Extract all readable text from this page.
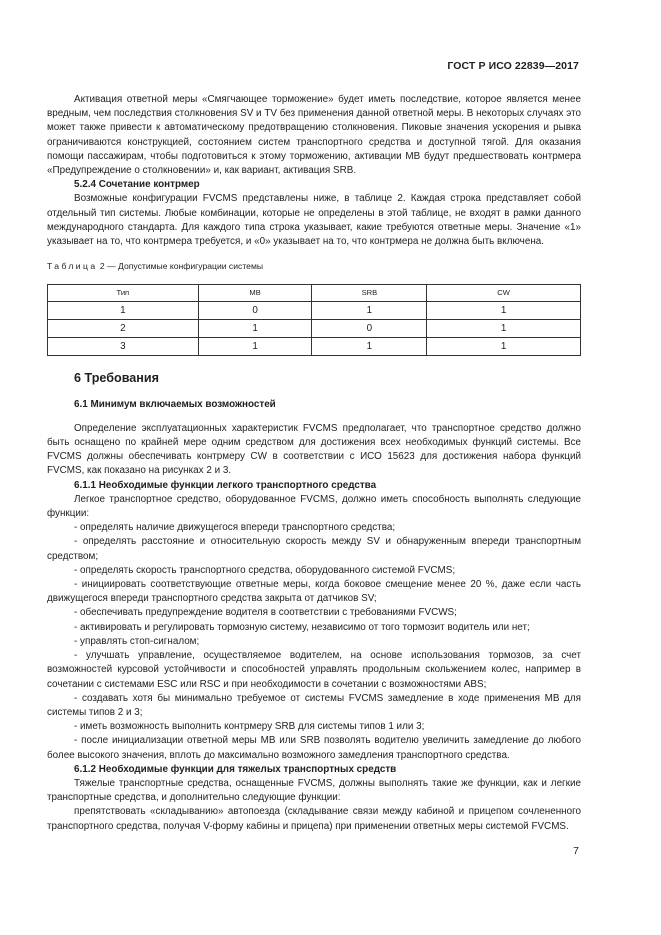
ГОСТ Р ИСО 22839—2017

Активация ответной меры «Смягчающее торможение» будет иметь последствие, которое является менее вредным, чем последствия столкновения SV и TV без применения данной ответной меры. В некоторых случаях это может также привести к автоматическому предотвращению столкновения. Пиковые значения ускорения и рывка ограничиваются конструкцией, состоянием систем транспортного средства и доступной тягой. Для оказания помощи пассажирам, чтобы подготовиться к этому торможению, активации МВ будут предшествовать контрмера «Предупреждение о столкновении» и, как вариант, активация SRB.

5.2.4 Сочетание контрмер

Возможные конфигурации FVCMS представлены ниже, в таблице 2. Каждая строка представляет собой отдельный тип системы. Любые комбинации, которые не определены в этой таблице, не входят в рамки данного международного стандарта. Для каждого типа строка указывает, какие требуются ответные меры. Значение «1» указывает на то, что контрмера требуется, и «0» указывает на то, что контрмера не должна быть включена.

Таблица 2 — Допустимые конфигурации системы
Тип	MB	SRB	CW
1	0	1	1
2	1	0	1
3	1	1	1
6 Требования
6.1 Минимум включаемых возможностей

Определение эксплуатационных характеристик FVCMS предполагает, что транспортное средство должно быть оснащено по крайней мере одним средством для достижения всех необходимых функций системы. Все FVCMS должны обеспечивать контрмеру CW в соответствии с ИСО 15623 для достижения набора функций FVCMS, как показано на рисунках 2 и 3.

6.1.1 Необходимые функции легкого транспортного средства

Легкое транспортное средство, оборудованное FVCMS, должно иметь способность выполнять следующие функции:

- определять наличие движущегося впереди транспортного средства;

- определять расстояние и относительную скорость между SV и обнаруженным впереди транспортным средством;

- определять скорость транспортного средства, оборудованного системой FVCMS;

- инициировать соответствующие ответные меры, когда боковое смещение менее 20 %, даже если часть движущегося впереди транспортного средства закрыта от датчиков SV;

- обеспечивать предупреждение водителя в соответствии с требованиями FVCWS;

- активировать и регулировать тормозную систему, независимо от того тормозит водитель или нет;

- управлять стоп-сигналом;

- улучшать управление, осуществляемое водителем, на основе использования тормозов, за счет возможностей курсовой устойчивости и способностей управлять продольным скольжением колес, например в сочетании с системами ESC или RSC и при необходимости в сочетании с возможностями ABS;

- создавать хотя бы минимально требуемое от системы FVCMS замедление в ходе применения МВ для системы типов 2 и 3;

- иметь возможность выполнить контрмеру SRB для системы типов 1 или 3;

- после инициализации ответной меры МВ или SRB позволять водителю увеличить замедление до любого более высокого значения, вплоть до максимально возможного замедления транспортного средства.

6.1.2 Необходимые функции для тяжелых транспортных средств

Тяжелые транспортные средства, оснащенные FVCMS, должны выполнять такие же функции, как и легкие транспортные средства, и дополнительно следующие функции:

препятствовать «складыванию» автопоезда (складывание связи между кабиной и прицепом сочлененного транспортного средства, получая V-форму кабины и прицепа) при применении ответных меры системой FVCMS.

7
